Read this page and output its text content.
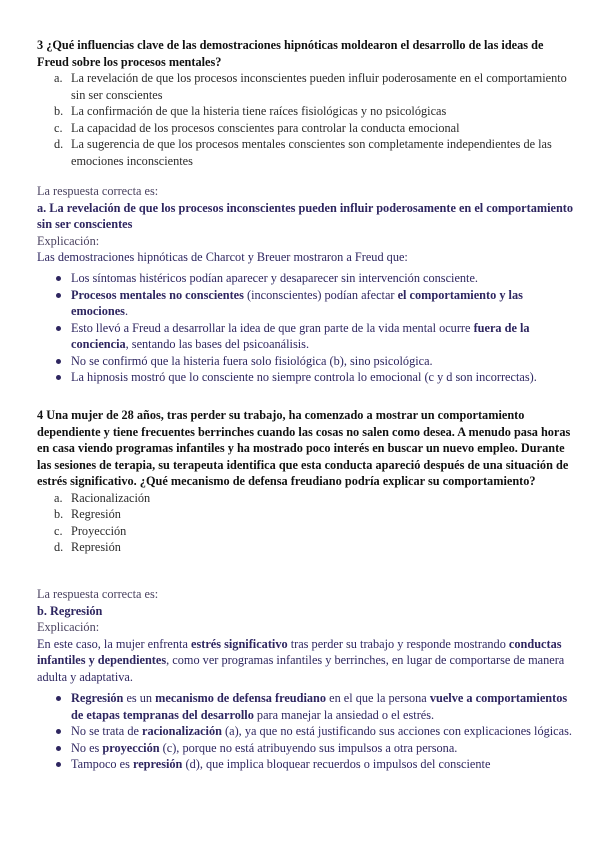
3 ¿Qué influencias clave de las demostraciones hipnóticas moldearon el desarrollo de las ideas de Freud sobre los procesos mentales?

a. La revelación de que los procesos inconscientes pueden influir poderosamente en el comportamiento sin ser conscientes
b. La confirmación de que la histeria tiene raíces fisiológicas y no psicológicas
c. La capacidad de los procesos conscientes para controlar la conducta emocional
d. La sugerencia de que los procesos mentales conscientes son completamente independientes de las emociones inconscientes

La respuesta correcta es:

a. La revelación de que los procesos inconscientes pueden influir poderosamente en el comportamiento sin ser conscientes

Explicación:

Las demostraciones hipnóticas de Charcot y Breuer mostraron a Freud que:

Los síntomas histéricos podían aparecer y desaparecer sin intervención consciente.
Procesos mentales no conscientes (inconscientes) podían afectar el comportamiento y las emociones.
Esto llevó a Freud a desarrollar la idea de que gran parte de la vida mental ocurre fuera de la conciencia, sentando las bases del psicoanálisis.
No se confirmó que la histeria fuera solo fisiológica (b), sino psicológica.
La hipnosis mostró que lo consciente no siempre controla lo emocional (c y d son incorrectas).

4 Una mujer de 28 años, tras perder su trabajo, ha comenzado a mostrar un comportamiento dependiente y tiene frecuentes berrinches cuando las cosas no salen como desea. A menudo pasa horas en casa viendo programas infantiles y ha mostrado poco interés en buscar un nuevo empleo. Durante las sesiones de terapia, su terapeuta identifica que esta conducta apareció después de una situación de estrés significativo. ¿Qué mecanismo de defensa freudiano podría explicar su comportamiento?

a. Racionalización
b. Regresión
c. Proyección
d. Represión

La respuesta correcta es:

b. Regresión

Explicación:

En este caso, la mujer enfrenta estrés significativo tras perder su trabajo y responde mostrando conductas infantiles y dependientes, como ver programas infantiles y berrinches, en lugar de comportarse de manera adulta y adaptativa.

Regresión es un mecanismo de defensa freudiano en el que la persona vuelve a comportamientos de etapas tempranas del desarrollo para manejar la ansiedad o el estrés.
No se trata de racionalización (a), ya que no está justificando sus acciones con explicaciones lógicas.
No es proyección (c), porque no está atribuyendo sus impulsos a otra persona.
Tampoco es represión (d), que implica bloquear recuerdos o impulsos del consciente
